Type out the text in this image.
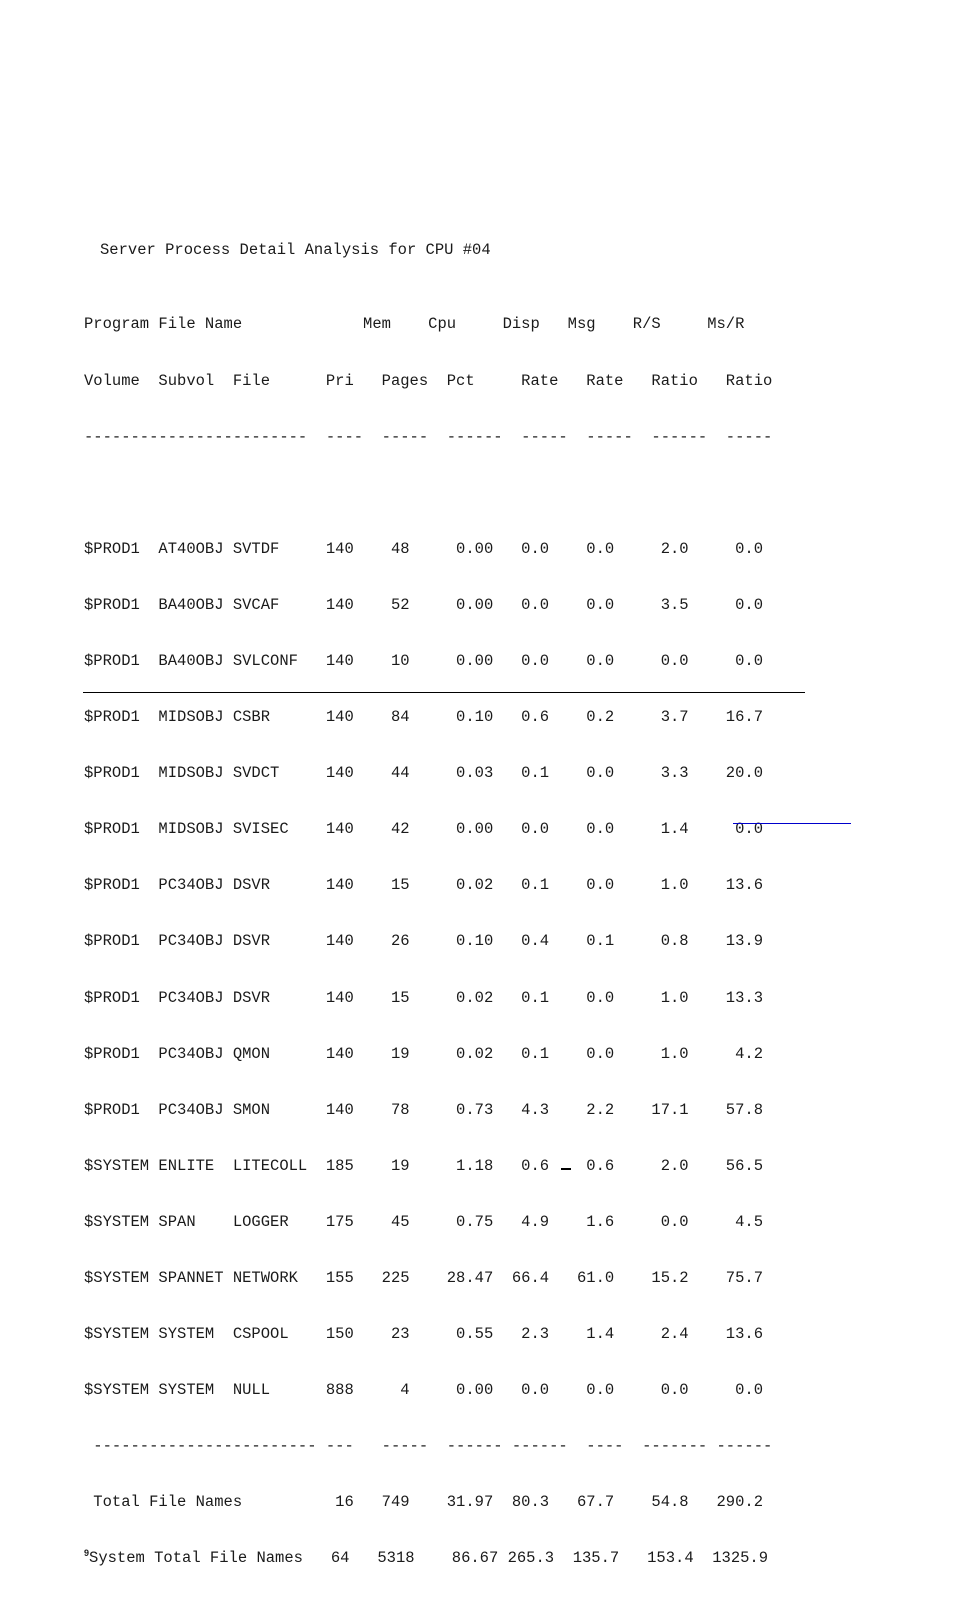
Server Process Detail Analysis for CPU #04

Program File Name             Mem    Cpu     Disp   Msg    R/S     Ms/R

Volume  Subvol  File      Pri   Pages  Pct     Rate   Rate   Ratio   Ratio

------------------------  ----  -----  ------  -----  -----  ------  -----

$PROD1  AT40OBJ SVTDF     140    48     0.00   0.0    0.0     2.0     0.0

$PROD1  BA40OBJ SVCAF     140    52     0.00   0.0    0.0     3.5     0.0

$PROD1  BA40OBJ SVLCONF   140    10     0.00   0.0    0.0     0.0     0.0

$PROD1  MIDSOBJ CSBR      140    84     0.10   0.6    0.2     3.7    16.7

$PROD1  MIDSOBJ SVDCT     140    44     0.03   0.1    0.0     3.3    20.0

$PROD1  MIDSOBJ SVISEC    140    42     0.00   0.0    0.0     1.4     0.0

$PROD1  PC34OBJ DSVR      140    15     0.02   0.1    0.0     1.0    13.6

$PROD1  PC34OBJ DSVR      140    26     0.10   0.4    0.1     0.8    13.9

$PROD1  PC34OBJ DSVR      140    15     0.02   0.1    0.0     1.0    13.3

$PROD1  PC34OBJ QMON      140    19     0.02   0.1    0.0     1.0     4.2

$PROD1  PC34OBJ SMON      140    78     0.73   4.3    2.2    17.1    57.8

$SYSTEM ENLITE  LITECOLL  185    19     1.18   0.6    0.6     2.0    56.5

$SYSTEM SPAN    LOGGER    175    45     0.75   4.9    1.6     0.0     4.5

$SYSTEM SPANNET NETWORK   155   225    28.47  66.4   61.0    15.2    75.7

$SYSTEM SYSTEM  CSPOOL    150    23     0.55   2.3    1.4     2.4    13.6

$SYSTEM SYSTEM  NULL      888     4     0.00   0.0    0.0     0.0     0.0

------------------------ ---   -----  ------ ------  ----  ------- ------

Total File Names          16   749    31.97  80.3   67.7    54.8   290.2

$^9$System Total File Names   64   5318    86.67 265.3  135.7   153.4  1325.9
